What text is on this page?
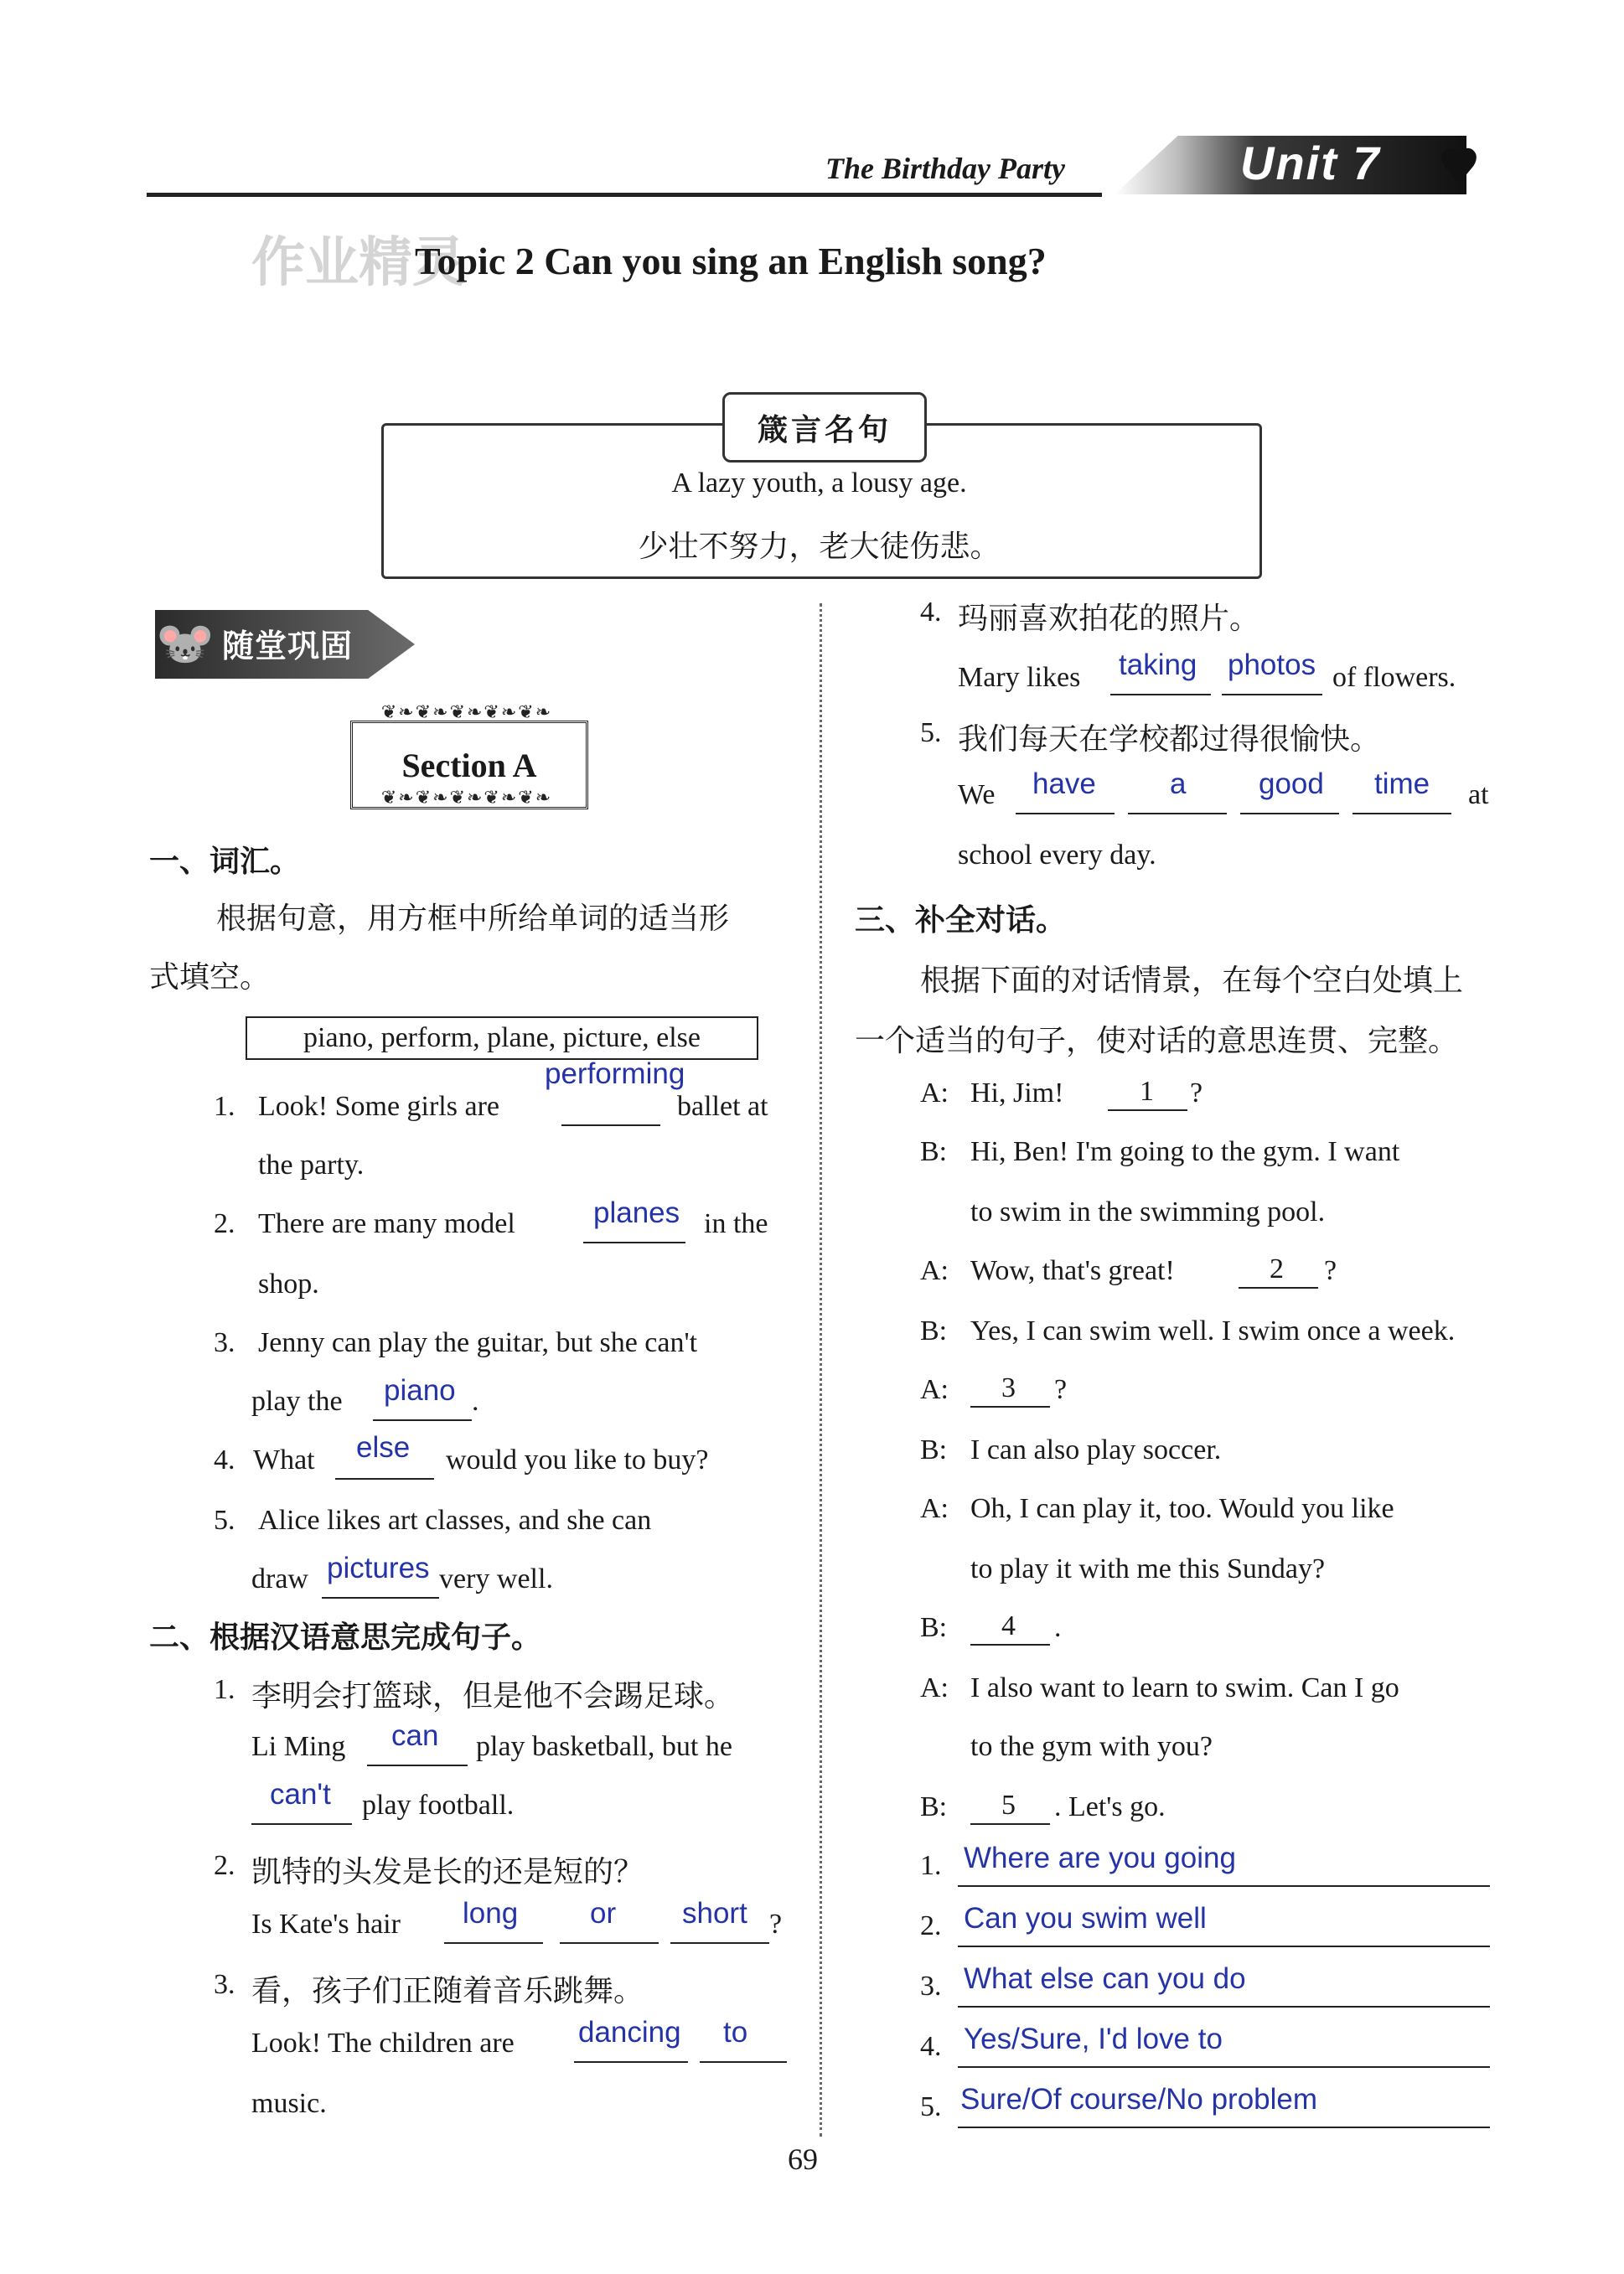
The Birthday Party	Unit 7 ♥
作业精灵
Topic 2 Can you sing an English song?
箴言名句
A lazy youth, a lousy age.
少壮不努力，老大徒伤悲。
🐭 随堂巩固
❦❧❦❧❦❧❦❧❦❧
Section A
❦❧❦❧❦❧❦❧❦❧
一、词汇。
根据句意，用方框中所给单词的适当形
式填空。
piano, perform, plane, picture, else
performing
1. Look! Some girls are	ballet at
the party.
planes
2. There are many model	in the
shop.
3. Jenny can play the guitar, but she can't
piano
play the	.
else
4. What	would you like to buy?
5. Alice likes art classes, and she can
pictures
draw	very well.
二、根据汉语意思完成句子。
1. 李明会打篮球，但是他不会踢足球。
can
Li Ming	play basketball, but he
can't play football.
2. 凯特的头发是长的还是短的？
Is Kate's hair long or short ?
3. 看，孩子们正随着音乐跳舞。
Look! The children are dancing to
music.
4. 玛丽喜欢拍花的照片。
Mary likes taking photos of flowers.
5. 我们每天在学校都过得很愉快。
We have	a good time at
school every day.
三、补全对话。
根据下面的对话情景，在每个空白处填上
一个适当的句子，使对话的意思连贯、完整。
A: Hi, Jim!	1 ?
B: Hi, Ben! I'm going to the gym. I want
to swim in the swimming pool.
A: Wow, that's great!	2 ?
B: Yes, I can swim well. I swim once a week.
A: 3 ?
B: I can also play soccer.
A: Oh, I can play it, too. Would you like
to play it with me this Sunday?
B: 4 .
A: I also want to learn to swim. Can I go
to the gym with you?
B: 5 . Let's go.
1. Where are you going
2. Can you swim well
3. What else can you do
4. Yes/Sure, I'd love to
5. Sure/Of course/No problem
69
